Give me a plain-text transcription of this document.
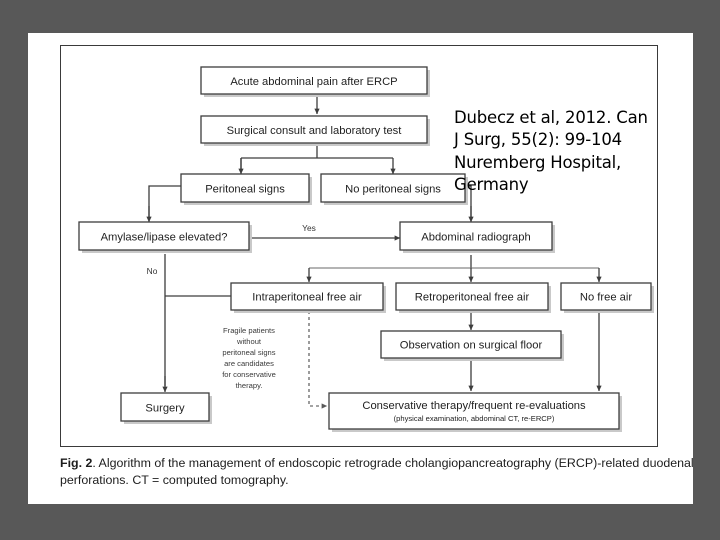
Acute abdominal pain after ERCP
Surgical consult and laboratory test
Peritoneal signs	No peritoneal signs
Amylase/lipase elevated?	Abdominal radiograph
Intraperitoneal free air	Retroperitoneal free air	No free air
Observation on surgical floor
Surgery	Conservative therapy/frequent re-evaluations
(physical examination, abdominal CT, re-ERCP)
Yes
No
Fragile patients
without
peritoneal signs
are candidates
for conservative
therapy.
Dubecz et al, 2012. Can
J Surg, 55(2): 99-104
Nuremberg Hospital,
Germany
Fig. 2. Algorithm of the management of endoscopic retrograde cholangiopancreatography (ERCP)-related duodenal perforations. CT = computed tomography.
